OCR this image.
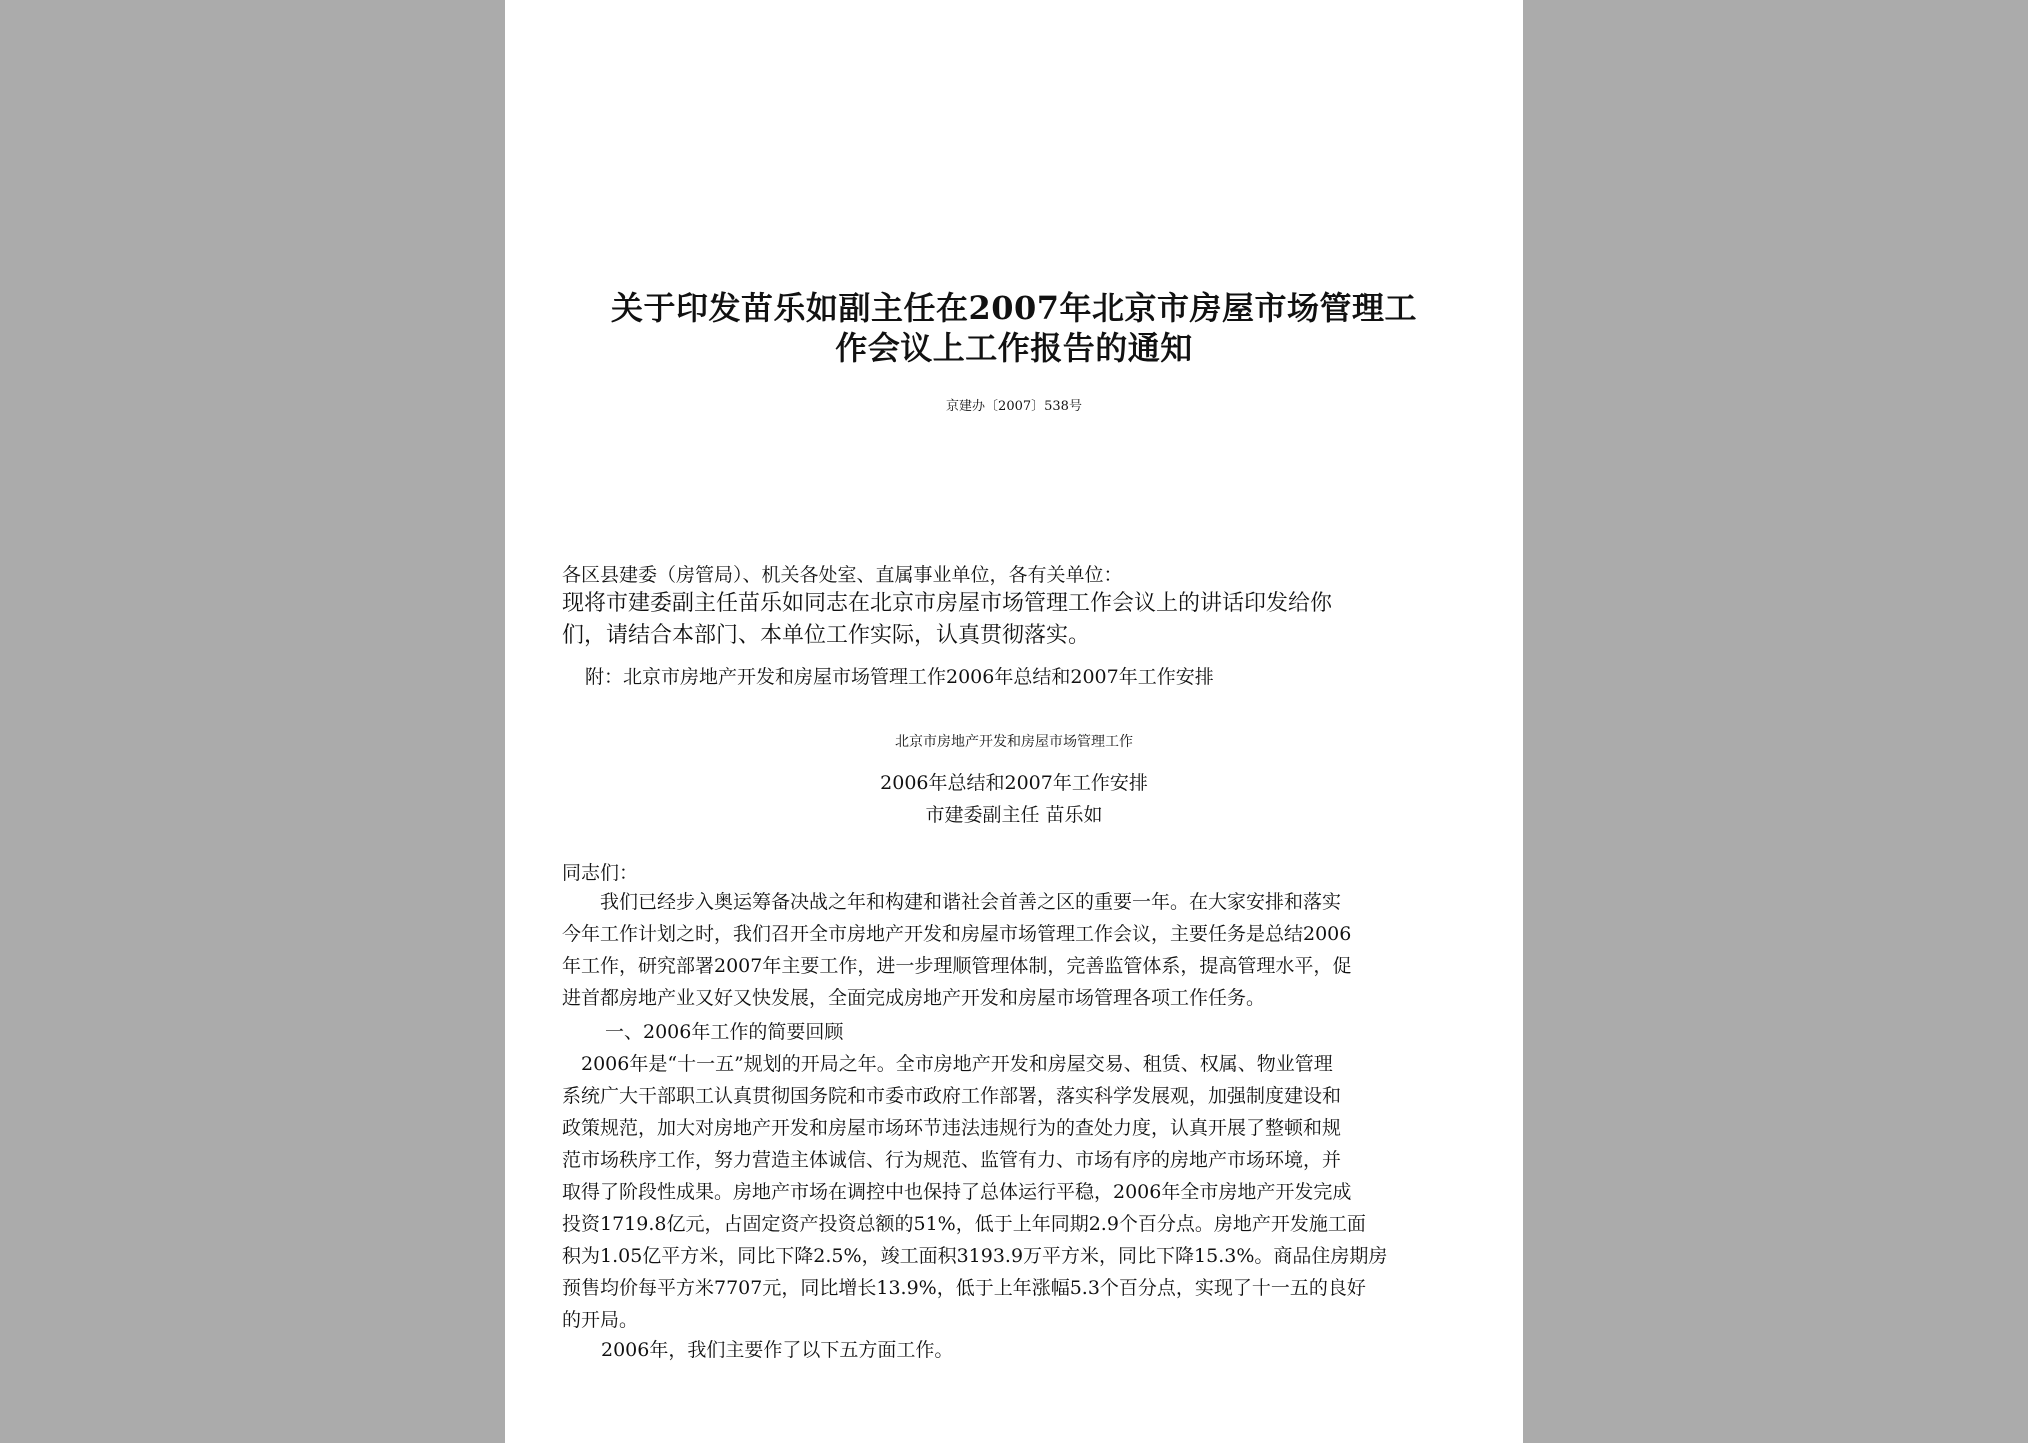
关于印发苗乐如副主任在2007年北京市房屋市场管理工
作会议上工作报告的通知
京建办〔2007〕538号
各区县建委（房管局）、机关各处室、直属事业单位，各有关单位：
现将市建委副主任苗乐如同志在北京市房屋市场管理工作会议上的讲话印发给你
们，请结合本部门、本单位工作实际，认真贯彻落实。
附：北京市房地产开发和房屋市场管理工作2006年总结和2007年工作安排
北京市房地产开发和房屋市场管理工作
2006年总结和2007年工作安排
市建委副主任 苗乐如
同志们：
　　我们已经步入奥运筹备决战之年和构建和谐社会首善之区的重要一年。在大家安排和落实
今年工作计划之时，我们召开全市房地产开发和房屋市场管理工作会议，主要任务是总结2006
年工作，研究部署2007年主要工作，进一步理顺管理体制，完善监管体系，提高管理水平，促
进首都房地产业又好又快发展，全面完成房地产开发和房屋市场管理各项工作任务。
一、2006年工作的简要回顾
　2006年是“十一五”规划的开局之年。全市房地产开发和房屋交易、租赁、权属、物业管理
系统广大干部职工认真贯彻国务院和市委市政府工作部署，落实科学发展观，加强制度建设和
政策规范，加大对房地产开发和房屋市场环节违法违规行为的查处力度，认真开展了整顿和规
范市场秩序工作，努力营造主体诚信、行为规范、监管有力、市场有序的房地产市场环境，并
取得了阶段性成果。房地产市场在调控中也保持了总体运行平稳，2006年全市房地产开发完成
投资1719.8亿元，占固定资产投资总额的51%，低于上年同期2.9个百分点。房地产开发施工面
积为1.05亿平方米，同比下降2.5%，竣工面积3193.9万平方米，同比下降15.3%。商品住房期房
预售均价每平方米7707元，同比增长13.9%，低于上年涨幅5.3个百分点，实现了十一五的良好
的开局。
2006年，我们主要作了以下五方面工作。
